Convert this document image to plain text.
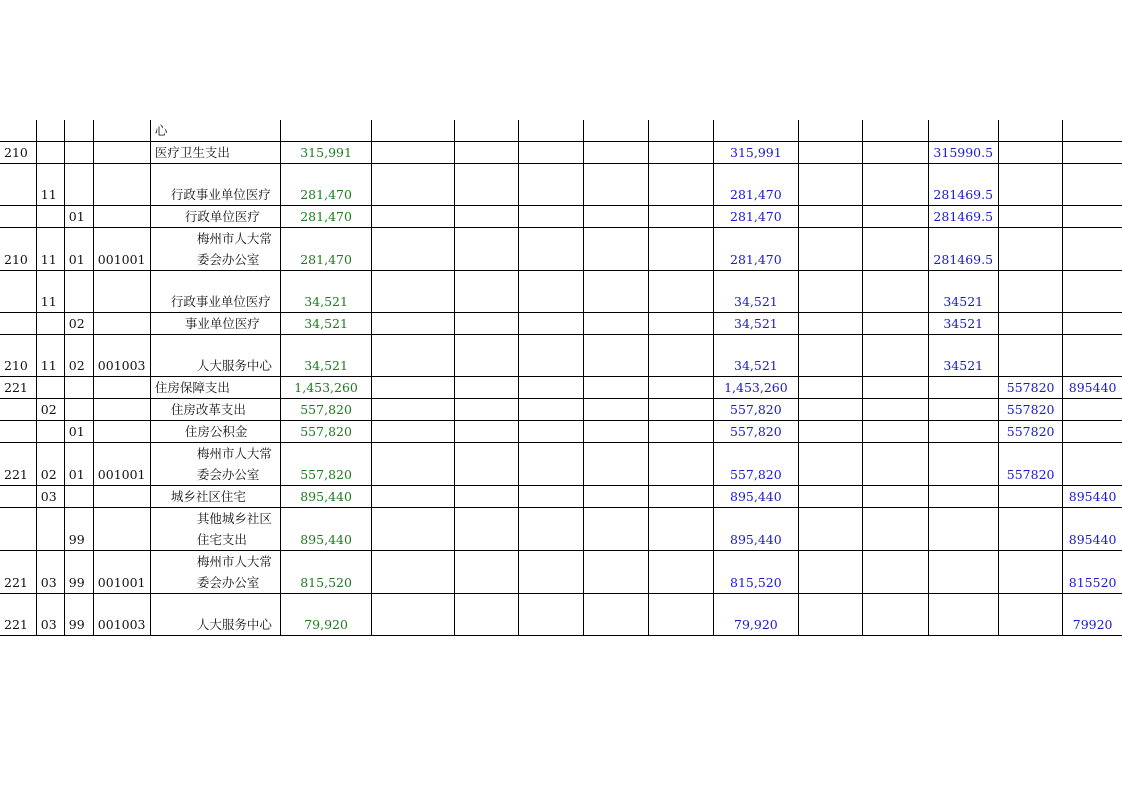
				心												
210				医疗卫生支出	315,991						315,991			315990.5		
	11			行政事业单位医疗	281,470						281,470			281469.5		
		01		行政单位医疗	281,470						281,470			281469.5		
210	11	01	001001	梅州市人大常委会办公室	281,470						281,470			281469.5		
	11			行政事业单位医疗	34,521						34,521			34521		
		02		事业单位医疗	34,521						34,521			34521		
210	11	02	001003	人大服务中心	34,521						34,521			34521		
221				住房保障支出	1,453,260						1,453,260				557820	895440
	02			住房改革支出	557,820						557,820				557820	
		01		住房公积金	557,820						557,820				557820	
221	02	01	001001	梅州市人大常委会办公室	557,820						557,820				557820	
	03			城乡社区住宅	895,440						895,440					895440
		99		其他城乡社区住宅支出	895,440						895,440					895440
221	03	99	001001	梅州市人大常委会办公室	815,520						815,520					815520
221	03	99	001003	人大服务中心	79,920						79,920					79920
